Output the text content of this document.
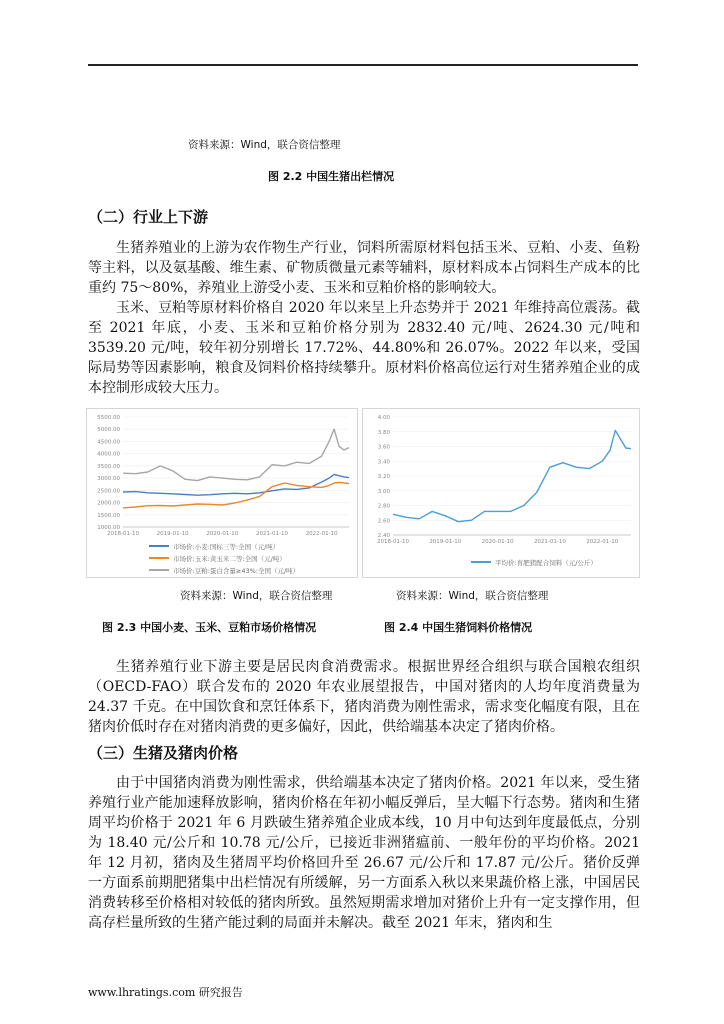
资料来源：Wind，联合资信整理
图 2.2 中国生猪出栏情况
（二）行业上下游

生猪养殖业的上游为农作物生产行业，饲料所需原材料包括玉米、豆粕、小麦、鱼粉等主料，以及氨基酸、维生素、矿物质微量元素等辅料，原材料成本占饲料生产成本的比重约 75～80%，养殖业上游受小麦、玉米和豆粕价格的影响较大。

玉米、豆粕等原材料价格自 2020 年以来呈上升态势并于 2021 年维持高位震荡。截至 2021 年底，小麦、玉米和豆粕价格分别为 2832.40 元/吨、2624.30 元/吨和 3539.20 元/吨，较年初分别增长 17.72%、44.80%和 26.07%。2022 年以来，受国际局势等因素影响，粮食及饲料价格持续攀升。原材料价格高位运行对生猪养殖企业的成本控制形成较大压力。

1000.00
1500.00
2000.00
2500.00
3000.00
3500.00
4000.00
4500.00
5000.00
5500.00
2018-01-10	2019-01-10	2020-01-10	2021-01-10	2022-01-10
市场价:小麦:国标三等:全国（元/吨）
市场价:玉米:黄玉米二等:全国（元/吨）
市场价:豆粕:蛋白含量≥43%:全国（元/吨）
2.40
2.60
2.80
3.00
3.20
3.40
3.60
3.80
4.00
2018-01-10	2019-01-10	2020-01-10	2021-01-10	2022-01-10
平均价:育肥猪配合饲料（元/公斤）
资料来源：Wind，联合资信整理	资料来源：Wind，联合资信整理
图 2.3 中国小麦、玉米、豆粕市场价格情况	图 2.4 中国生猪饲料价格情况

生猪养殖行业下游主要是居民肉食消费需求。根据世界经合组织与联合国粮农组织（OECD-FAO）联合发布的 2020 年农业展望报告，中国对猪肉的人均年度消费量为 24.37 千克。在中国饮食和烹饪体系下，猪肉消费为刚性需求，需求变化幅度有限，且在猪肉价低时存在对猪肉消费的更多偏好，因此，供给端基本决定了猪肉价格。

（三）生猪及猪肉价格

由于中国猪肉消费为刚性需求，供给端基本决定了猪肉价格。2021 年以来，受生猪养殖行业产能加速释放影响，猪肉价格在年初小幅反弹后，呈大幅下行态势。猪肉和生猪周平均价格于 2021 年 6 月跌破生猪养殖企业成本线，10 月中旬达到年度最低点，分别为 18.40 元/公斤和 10.78 元/公斤，已接近非洲猪瘟前、一般年份的平均价格。2021 年 12 月初，猪肉及生猪周平均价格回升至 26.67 元/公斤和 17.87 元/公斤。猪价反弹一方面系前期肥猪集中出栏情况有所缓解，另一方面系入秋以来果蔬价格上涨，中国居民消费转移至价格相对较低的猪肉所致。虽然短期需求增加对猪价上升有一定支撑作用，但高存栏量所致的生猪产能过剩的局面并未解决。截至 2021 年末，猪肉和生

www.lhratings.com 研究报告
